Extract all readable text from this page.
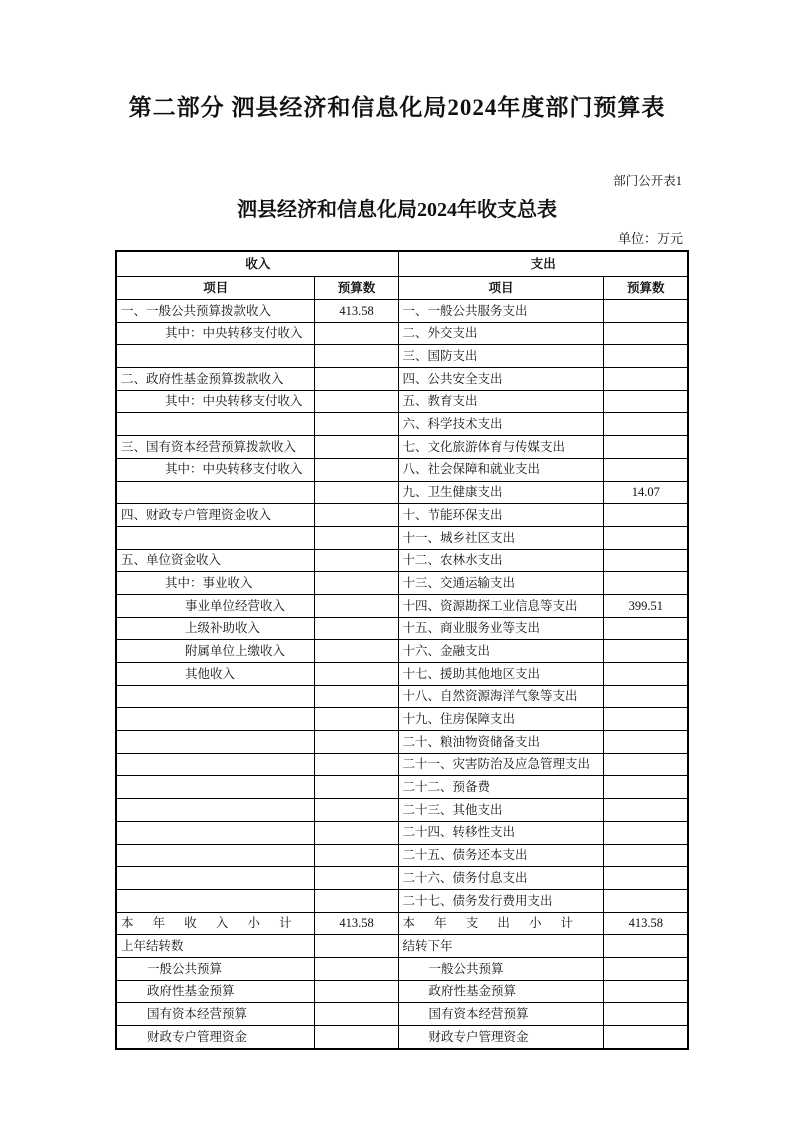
第二部分 泗县经济和信息化局2024年度部门预算表
部门公开表1
泗县经济和信息化局2024年收支总表
单位：万元
收入		支出	
项目	预算数	项目	预算数
一、一般公共预算拨款收入	413.58	一、一般公共服务支出	
其中：中央转移支付收入		二、外交支出	
		三、国防支出	
二、政府性基金预算拨款收入		四、公共安全支出	
其中：中央转移支付收入		五、教育支出	
		六、科学技术支出	
三、国有资本经营预算拨款收入		七、文化旅游体育与传媒支出	
其中：中央转移支付收入		八、社会保障和就业支出	
		九、卫生健康支出	14.07
四、财政专户管理资金收入		十、节能环保支出	
		十一、城乡社区支出	
五、单位资金收入		十二、农林水支出	
其中：事业收入		十三、交通运输支出	
事业单位经营收入		十四、资源勘探工业信息等支出	399.51
上级补助收入		十五、商业服务业等支出	
附属单位上缴收入		十六、金融支出	
其他收入		十七、援助其他地区支出	
		十八、自然资源海洋气象等支出	
		十九、住房保障支出	
		二十、粮油物资储备支出	
		二十一、灾害防治及应急管理支出	
		二十二、预备费	
		二十三、其他支出	
		二十四、转移性支出	
		二十五、债务还本支出	
		二十六、债务付息支出	
		二十七、债务发行费用支出	
本 年 收 入 小 计	413.58	本 年 支 出 小 计	413.58
上年结转数		结转下年	
一般公共预算		一般公共预算	
政府性基金预算		政府性基金预算	
国有资本经营预算		国有资本经营预算	
财政专户管理资金		财政专户管理资金	
